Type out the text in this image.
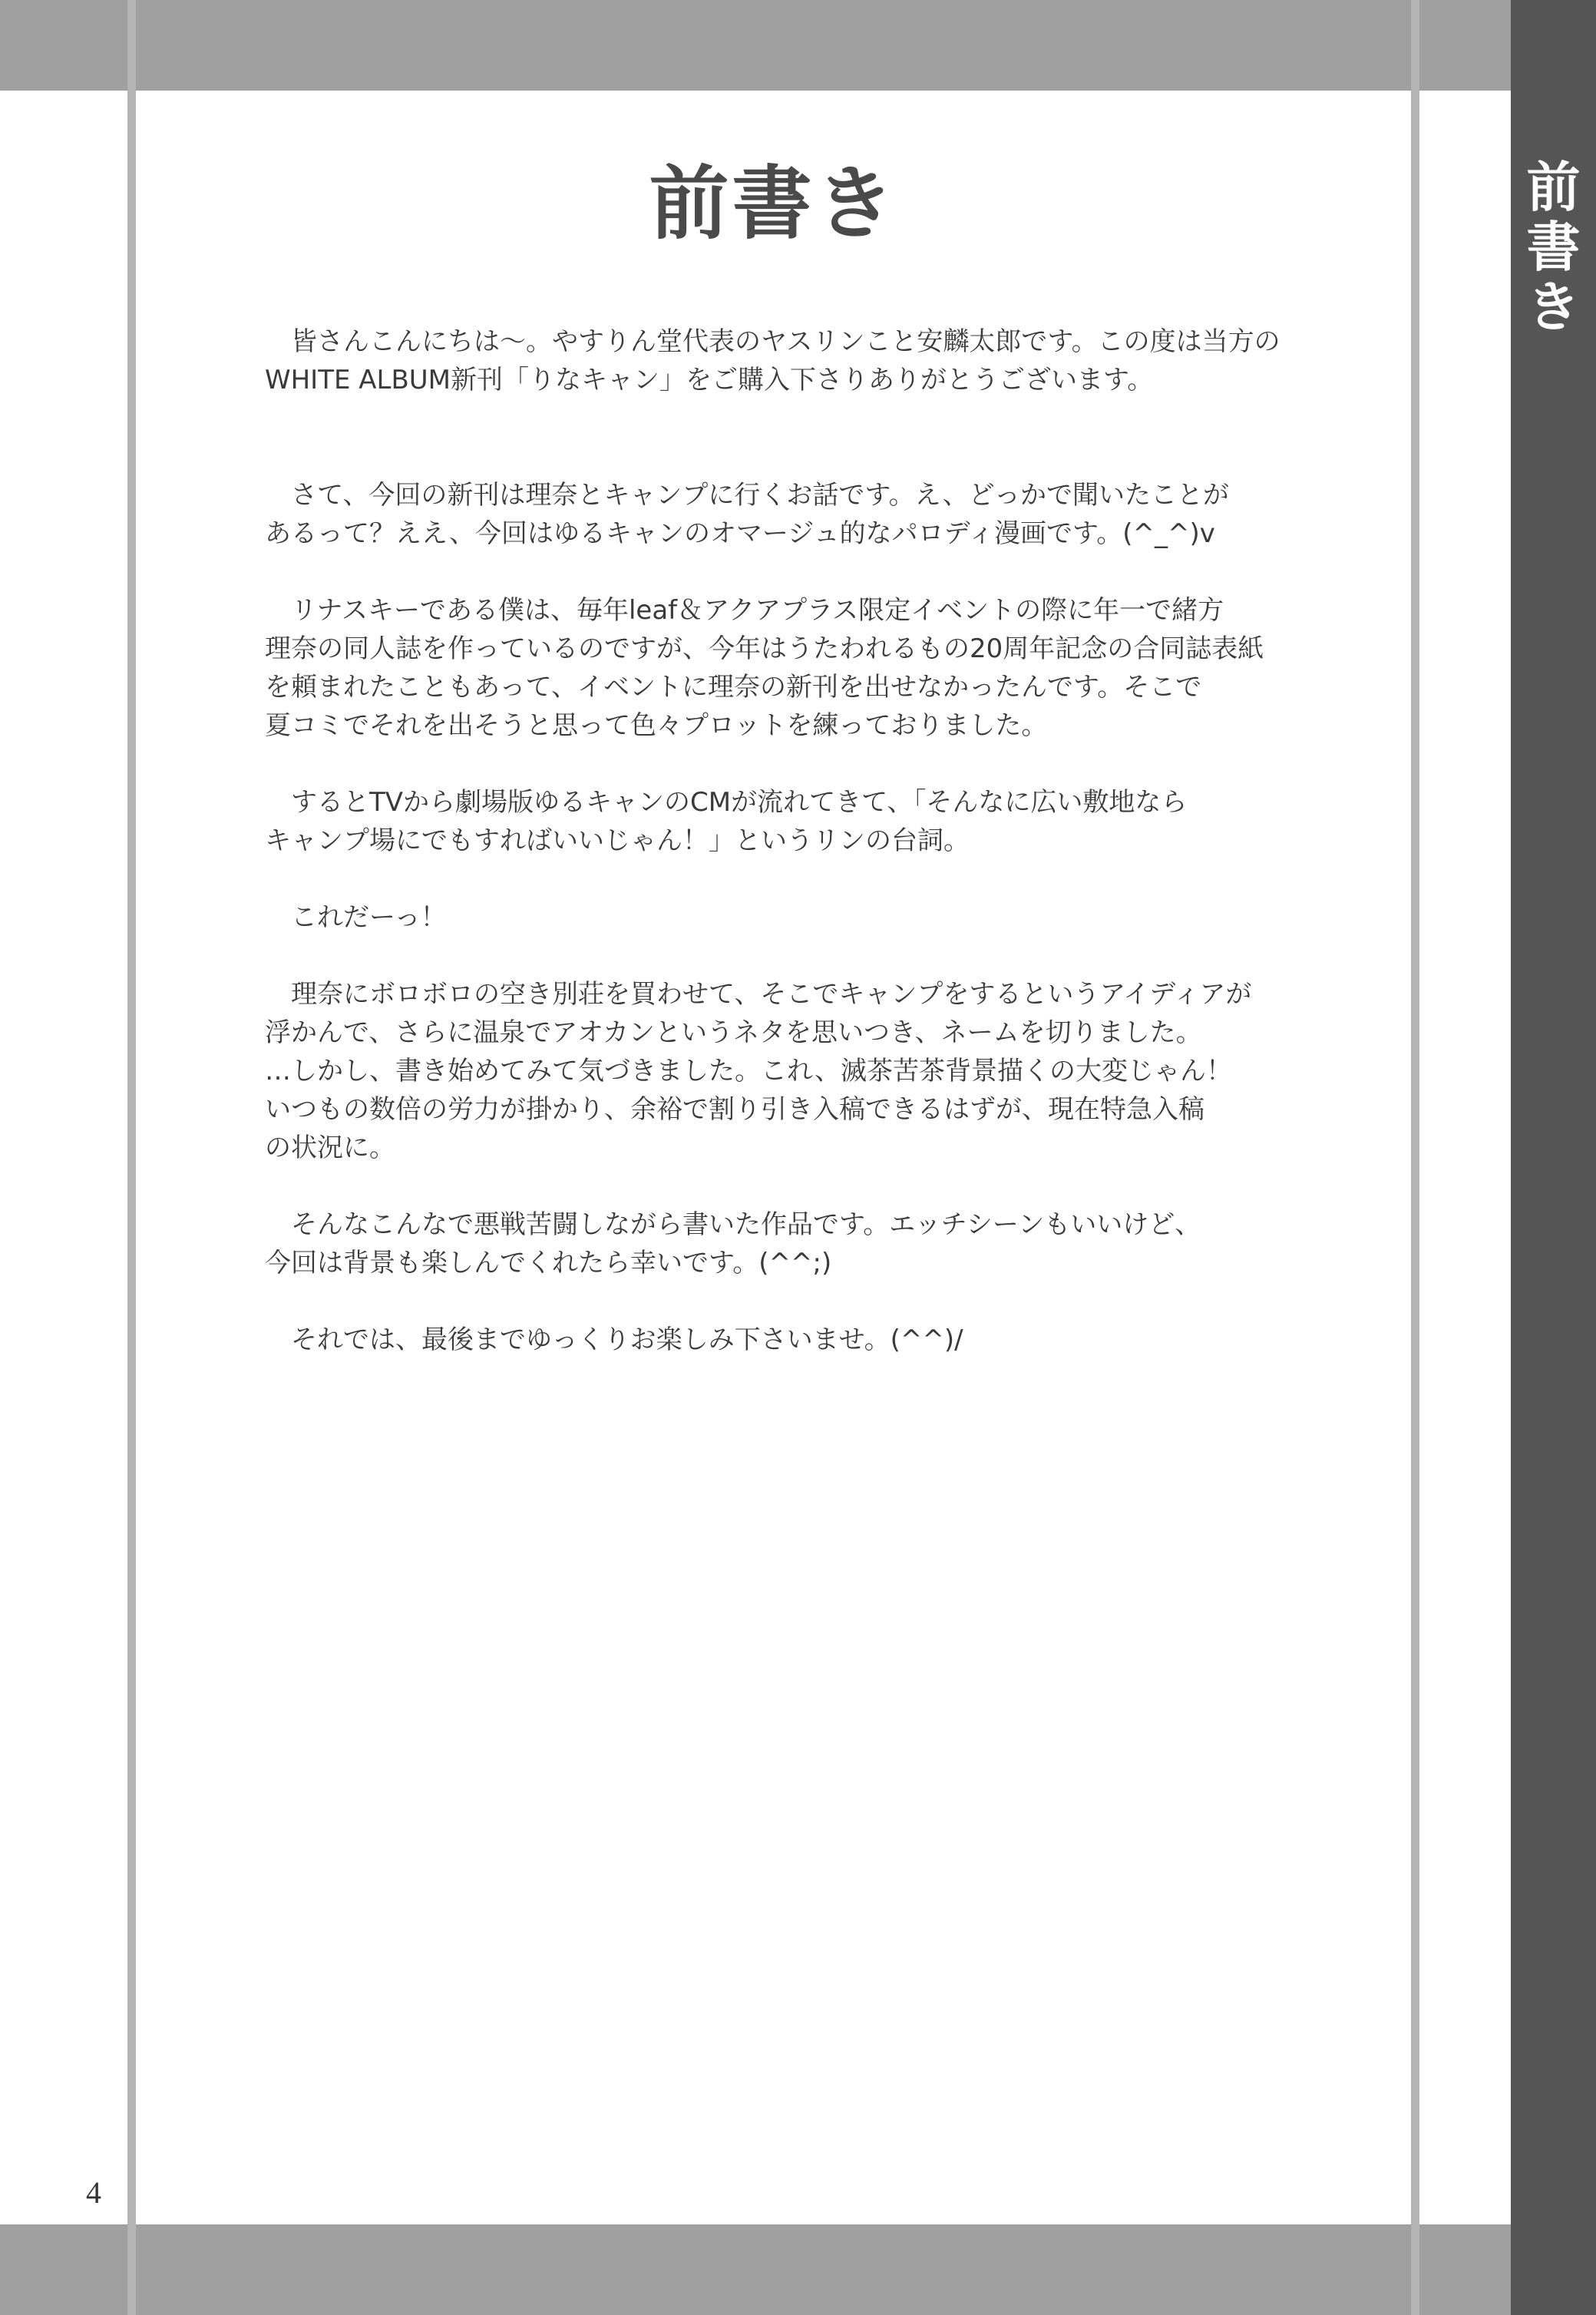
前
書
き
前書き
　皆さんこんにちは～。やすりん堂代表のヤスリンこと安麟太郎です。この度は当方の
WHITE ALBUM新刊「りなキャン」をご購入下さりありがとうございます。
　さて、今回の新刊は理奈とキャンプに行くお話です。え、どっかで聞いたことが
あるって？ええ、今回はゆるキャンのオマージュ的なパロディ漫画です。(^_^)v
　リナスキーである僕は、毎年leaf＆アクアプラス限定イベントの際に年一で緒方
理奈の同人誌を作っているのですが、今年はうたわれるもの20周年記念の合同誌表紙
を頼まれたこともあって、イベントに理奈の新刊を出せなかったんです。そこで
夏コミでそれを出そうと思って色々プロットを練っておりました。
　するとTVから劇場版ゆるキャンのCMが流れてきて、「そんなに広い敷地なら
キャンプ場にでもすればいいじゃん！」というリンの台詞。
　これだーっ！
　理奈にボロボロの空き別荘を買わせて、そこでキャンプをするというアイディアが
浮かんで、さらに温泉でアオカンというネタを思いつき、ネームを切りました。
…しかし、書き始めてみて気づきました。これ、滅茶苦茶背景描くの大変じゃん！
いつもの数倍の労力が掛かり、余裕で割り引き入稿できるはずが、現在特急入稿
の状況に。
　そんなこんなで悪戦苦闘しながら書いた作品です。エッチシーンもいいけど、
今回は背景も楽しんでくれたら幸いです。(^^;)
　それでは、最後までゆっくりお楽しみ下さいませ。(^^)/
4
